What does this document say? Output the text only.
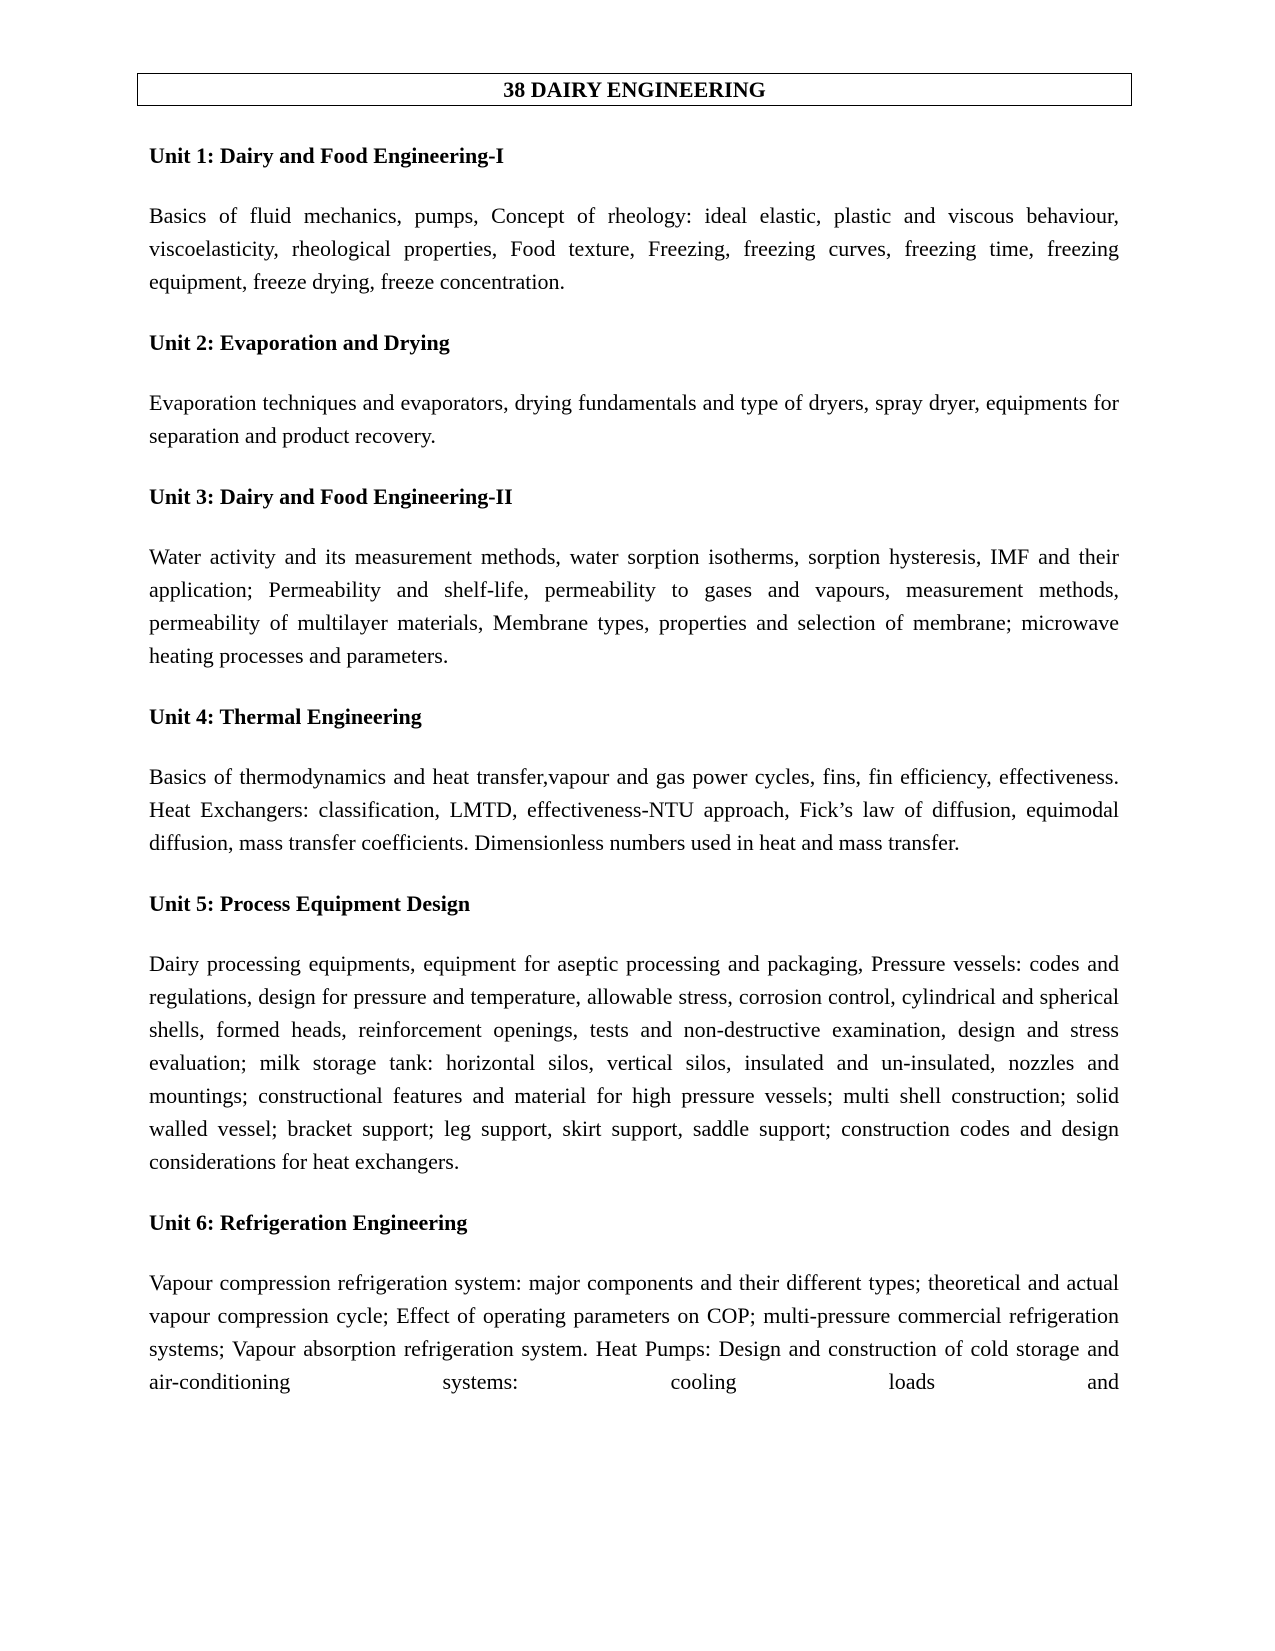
38 DAIRY ENGINEERING

Unit 1: Dairy and Food Engineering-I

Basics of fluid mechanics, pumps, Concept of rheology: ideal elastic, plastic and viscous behaviour, viscoelasticity, rheological properties, Food texture, Freezing, freezing curves, freezing time, freezing equipment, freeze drying, freeze concentration.

Unit 2: Evaporation and Drying

Evaporation techniques and evaporators, drying fundamentals and type of dryers, spray dryer, equipments for separation and product recovery.

Unit 3: Dairy and Food Engineering-II

Water activity and its measurement methods, water sorption isotherms, sorption hysteresis, IMF and their application; Permeability and shelf-life, permeability to gases and vapours, measurement methods, permeability of multilayer materials, Membrane types, properties and selection of membrane; microwave heating processes and parameters.

Unit 4: Thermal Engineering

Basics of thermodynamics and heat transfer,vapour and gas power cycles, fins, fin efficiency, effectiveness. Heat Exchangers: classification, LMTD, effectiveness-NTU approach, Fick’s law of diffusion, equimodal diffusion, mass transfer coefficients. Dimensionless numbers used in heat and mass transfer.

Unit 5: Process Equipment Design

Dairy processing equipments, equipment for aseptic processing and packaging, Pressure vessels: codes and regulations, design for pressure and temperature, allowable stress, corrosion control, cylindrical and spherical shells, formed heads, reinforcement openings, tests and non-destructive examination, design and stress evaluation; milk storage tank: horizontal silos, vertical silos, insulated and un-insulated, nozzles and mountings; constructional features and material for high pressure vessels; multi shell construction; solid walled vessel; bracket support; leg support, skirt support, saddle support; construction codes and design considerations for heat exchangers.

Unit 6: Refrigeration Engineering

Vapour compression refrigeration system: major components and their different types; theoretical and actual vapour compression cycle; Effect of operating parameters on COP; multi-pressure commercial refrigeration systems; Vapour absorption refrigeration system. Heat Pumps: Design and construction of cold storage and air-conditioning systems: cooling loads and
